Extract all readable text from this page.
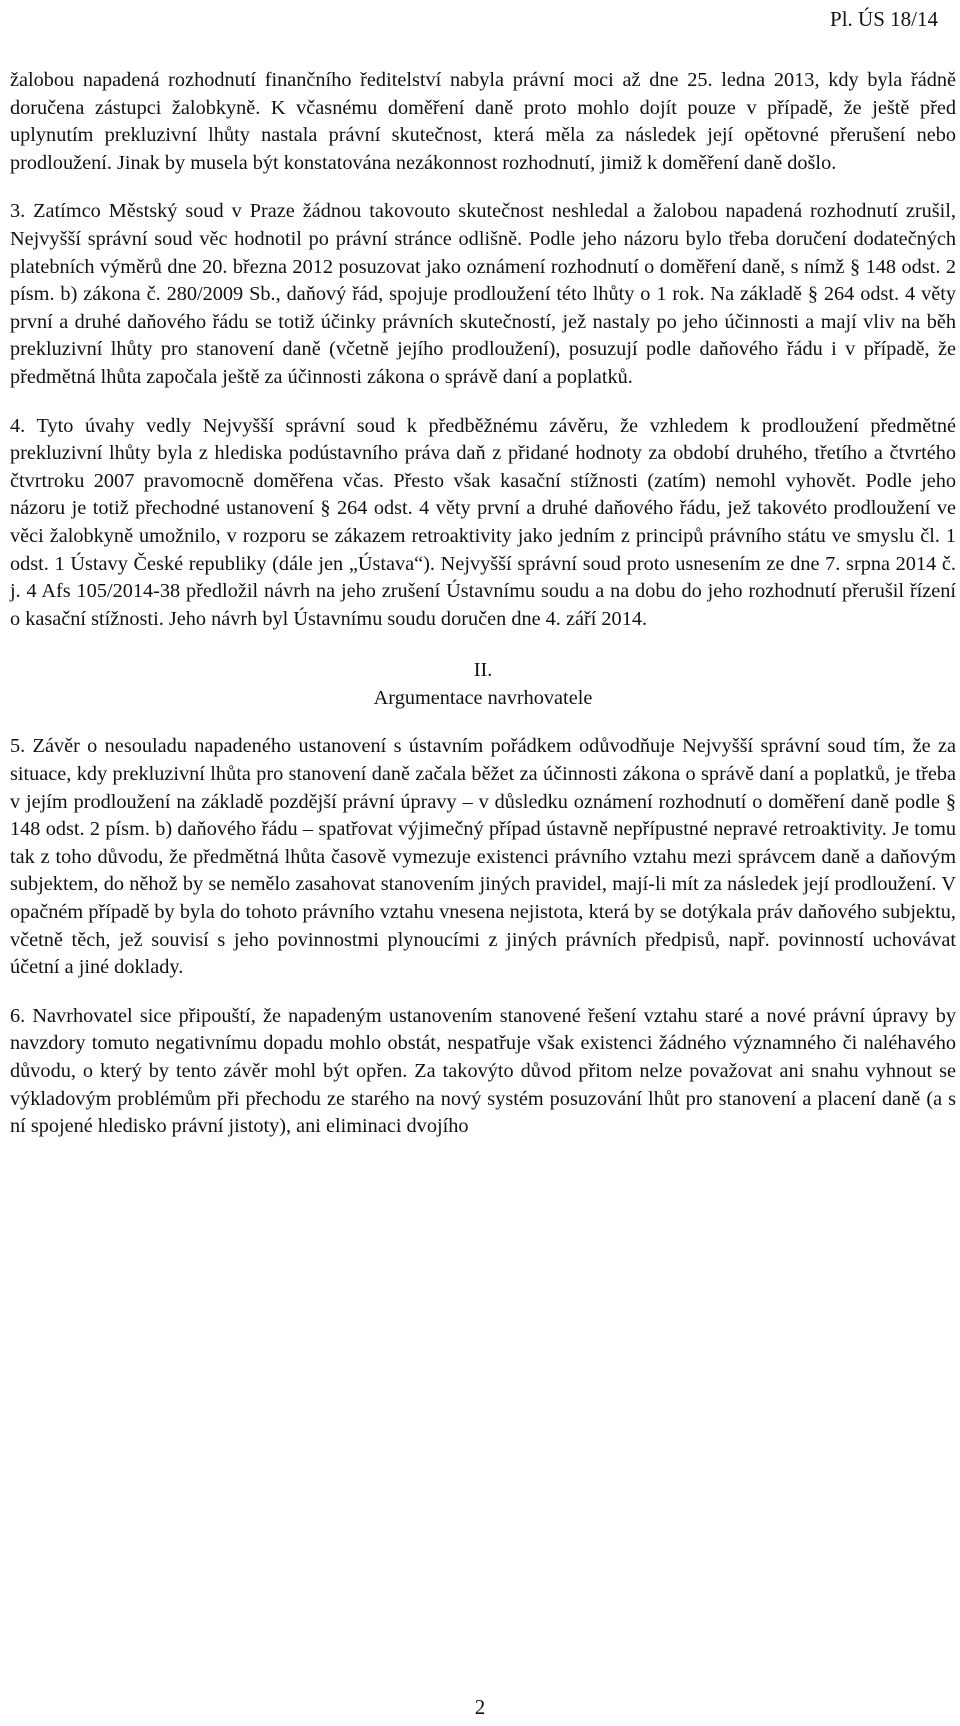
Pl. ÚS 18/14

žalobou napadená rozhodnutí finančního ředitelství nabyla právní moci až dne 25. ledna 2013, kdy byla řádně doručena zástupci žalobkyně. K včasnému doměření daně proto mohlo dojít pouze v případě, že ještě před uplynutím prekluzivní lhůty nastala právní skutečnost, která měla za následek její opětovné přerušení nebo prodloužení. Jinak by musela být konstatována nezákonnost rozhodnutí, jimiž k doměření daně došlo.

3. Zatímco Městský soud v Praze žádnou takovouto skutečnost neshledal a žalobou napadená rozhodnutí zrušil, Nejvyšší správní soud věc hodnotil po právní stránce odlišně. Podle jeho názoru bylo třeba doručení dodatečných platebních výměrů dne 20. března 2012 posuzovat jako oznámení rozhodnutí o doměření daně, s nímž § 148 odst. 2 písm. b) zákona č. 280/2009 Sb., daňový řád, spojuje prodloužení této lhůty o 1 rok. Na základě § 264 odst. 4 věty první a druhé daňového řádu se totiž účinky právních skutečností, jež nastaly po jeho účinnosti a mají vliv na běh prekluzivní lhůty pro stanovení daně (včetně jejího prodloužení), posuzují podle daňového řádu i v případě, že předmětná lhůta započala ještě za účinnosti zákona o správě daní a poplatků.

4. Tyto úvahy vedly Nejvyšší správní soud k předběžnému závěru, že vzhledem k prodloužení předmětné prekluzivní lhůty byla z hlediska podústavního práva daň z přidané hodnoty za období druhého, třetího a čtvrtého čtvrtroku 2007 pravomocně doměřena včas. Přesto však kasační stížnosti (zatím) nemohl vyhovět. Podle jeho názoru je totiž přechodné ustanovení § 264 odst. 4 věty první a druhé daňového řádu, jež takovéto prodloužení ve věci žalobkyně umožnilo, v rozporu se zákazem retroaktivity jako jedním z principů právního státu ve smyslu čl. 1 odst. 1 Ústavy České republiky (dále jen „Ústava“). Nejvyšší správní soud proto usnesením ze dne 7. srpna 2014 č. j. 4 Afs 105/2014-38 předložil návrh na jeho zrušení Ústavnímu soudu a na dobu do jeho rozhodnutí přerušil řízení o kasační stížnosti. Jeho návrh byl Ústavnímu soudu doručen dne 4. září 2014.

II.

Argumentace navrhovatele

5. Závěr o nesouladu napadeného ustanovení s ústavním pořádkem odůvodňuje Nejvyšší správní soud tím, že za situace, kdy prekluzivní lhůta pro stanovení daně začala běžet za účinnosti zákona o správě daní a poplatků, je třeba v jejím prodloužení na základě pozdější právní úpravy – v důsledku oznámení rozhodnutí o doměření daně podle § 148 odst. 2 písm. b) daňového řádu – spatřovat výjimečný případ ústavně nepřípustné nepravé retroaktivity. Je tomu tak z toho důvodu, že předmětná lhůta časově vymezuje existenci právního vztahu mezi správcem daně a daňovým subjektem, do něhož by se nemělo zasahovat stanovením jiných pravidel, mají-li mít za následek její prodloužení. V opačném případě by byla do tohoto právního vztahu vnesena nejistota, která by se dotýkala práv daňového subjektu, včetně těch, jež souvisí s jeho povinnostmi plynoucími z jiných právních předpisů, např. povinností uchovávat účetní a jiné doklady.

6. Navrhovatel sice připouští, že napadeným ustanovením stanovené řešení vztahu staré a nové právní úpravy by navzdory tomuto negativnímu dopadu mohlo obstát, nespatřuje však existenci žádného významného či naléhavého důvodu, o který by tento závěr mohl být opřen. Za takovýto důvod přitom nelze považovat ani snahu vyhnout se výkladovým problémům při přechodu ze starého na nový systém posuzování lhůt pro stanovení a placení daně (a s ní spojené hledisko právní jistoty), ani eliminaci dvojího

2
